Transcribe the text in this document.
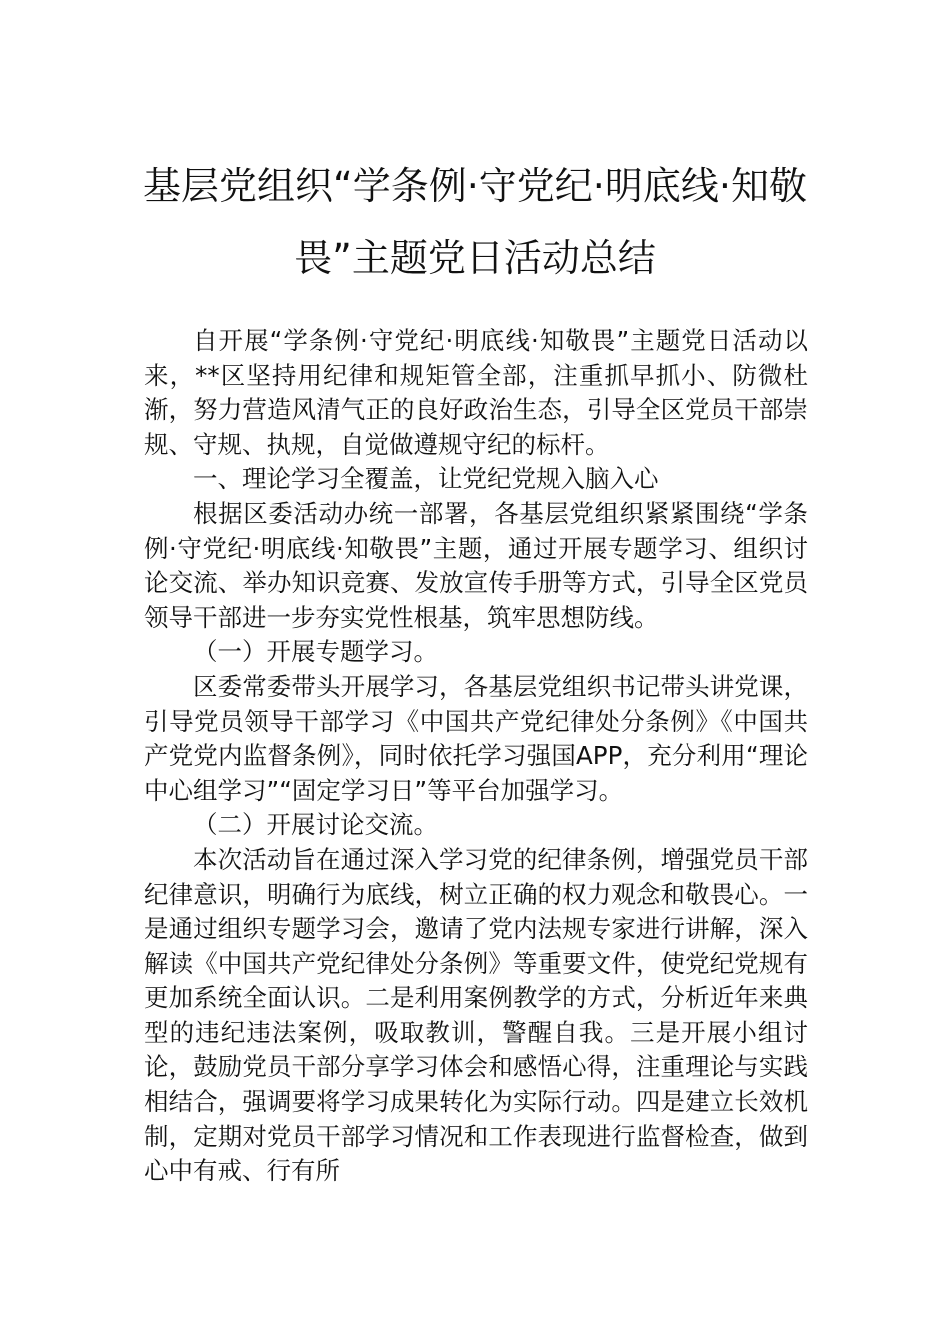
基层党组织“学条例·守党纪·明底线·知敬
畏”主题党日活动总结

自开展“学条例·守党纪·明底线·知敬畏”主题党日活动以来，**区坚持用纪律和规矩管全部，注重抓早抓小、防微杜渐，努力营造风清气正的良好政治生态，引导全区党员干部崇规、守规、执规，自觉做遵规守纪的标杆。

一、理论学习全覆盖，让党纪党规入脑入心

根据区委活动办统一部署，各基层党组织紧紧围绕“学条例·守党纪·明底线·知敬畏”主题，通过开展专题学习、组织讨论交流、举办知识竞赛、发放宣传手册等方式，引导全区党员领导干部进一步夯实党性根基，筑牢思想防线。

（一）开展专题学习。

区委常委带头开展学习，各基层党组织书记带头讲党课，引导党员领导干部学习《中国共产党纪律处分条例》《中国共产党党内监督条例》，同时依托学习强国APP，充分利用“理论中心组学习”“固定学习日”等平台加强学习。

（二）开展讨论交流。

本次活动旨在通过深入学习党的纪律条例，增强党员干部纪律意识，明确行为底线，树立正确的权力观念和敬畏心。一是通过组织专题学习会，邀请了党内法规专家进行讲解，深入解读《中国共产党纪律处分条例》等重要文件，使党纪党规有更加系统全面认识。二是利用案例教学的方式，分析近年来典型的违纪违法案例，吸取教训，警醒自我。三是开展小组讨论，鼓励党员干部分享学习体会和感悟心得，注重理论与实践相结合，强调要将学习成果转化为实际行动。四是建立长效机制，定期对党员干部学习情况和工作表现进行监督检查，做到心中有戒、行有所
